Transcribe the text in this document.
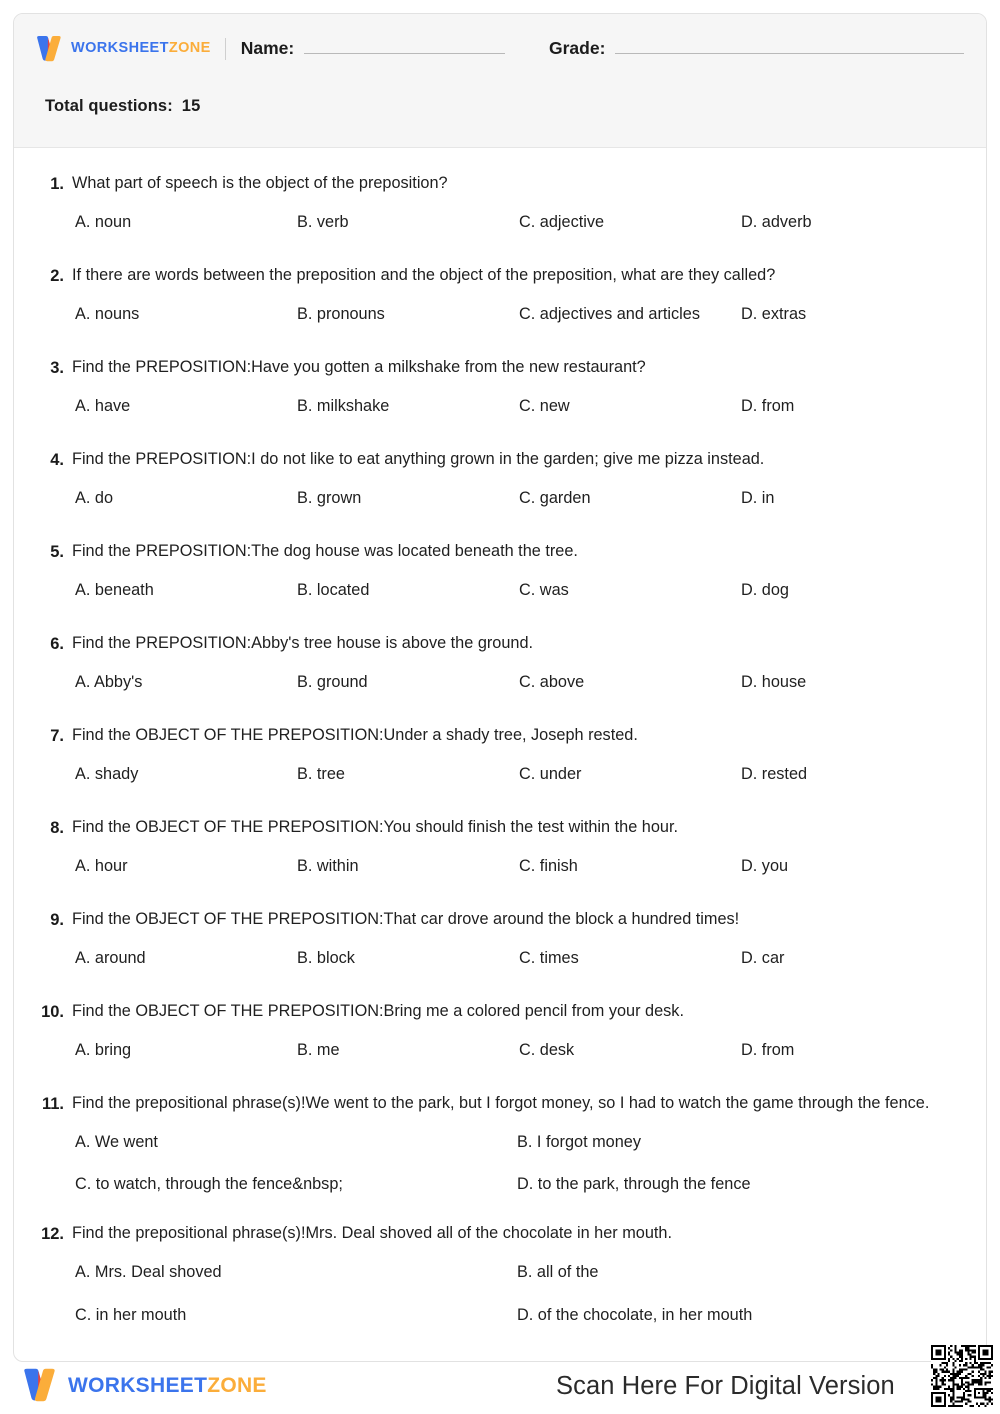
WORKSHEETZONE Name:	Grade:
Total questions: 15
1. What part of speech is the object of the preposition?
A. noun	B. verb	C. adjective	D. adverb
2. If there are words between the preposition and the object of the preposition, what are they called?
A. nouns	B. pronouns	C. adjectives and articles	D. extras
3. Find the PREPOSITION:Have you gotten a milkshake from the new restaurant?
A. have	B. milkshake	C. new	D. from
4. Find the PREPOSITION:I do not like to eat anything grown in the garden; give me pizza instead.
A. do	B. grown	C. garden	D. in
5. Find the PREPOSITION:The dog house was located beneath the tree.
A. beneath	B. located	C. was	D. dog
6. Find the PREPOSITION:Abby's tree house is above the ground.
A. Abby's	B. ground	C. above	D. house
7. Find the OBJECT OF THE PREPOSITION:Under a shady tree, Joseph rested.
A. shady	B. tree	C. under	D. rested
8. Find the OBJECT OF THE PREPOSITION:You should finish the test within the hour.
A. hour	B. within	C. finish	D. you
9. Find the OBJECT OF THE PREPOSITION:That car drove around the block a hundred times!
A. around	B. block	C. times	D. car
10. Find the OBJECT OF THE PREPOSITION:Bring me a colored pencil from your desk.
A. bring	B. me	C. desk	D. from
11. Find the prepositional phrase(s)!We went to the park, but I forgot money, so I had to watch the game through the fence.
A. We went	B. I forgot money
C. to watch, through the fence&nbsp;	D. to the park, through the fence
12. Find the prepositional phrase(s)!Mrs. Deal shoved all of the chocolate in her mouth.
A. Mrs. Deal shoved	B. all of the
C. in her mouth	D. of the chocolate, in her mouth
WORKSHEETZONE	Scan Here For Digital Version
